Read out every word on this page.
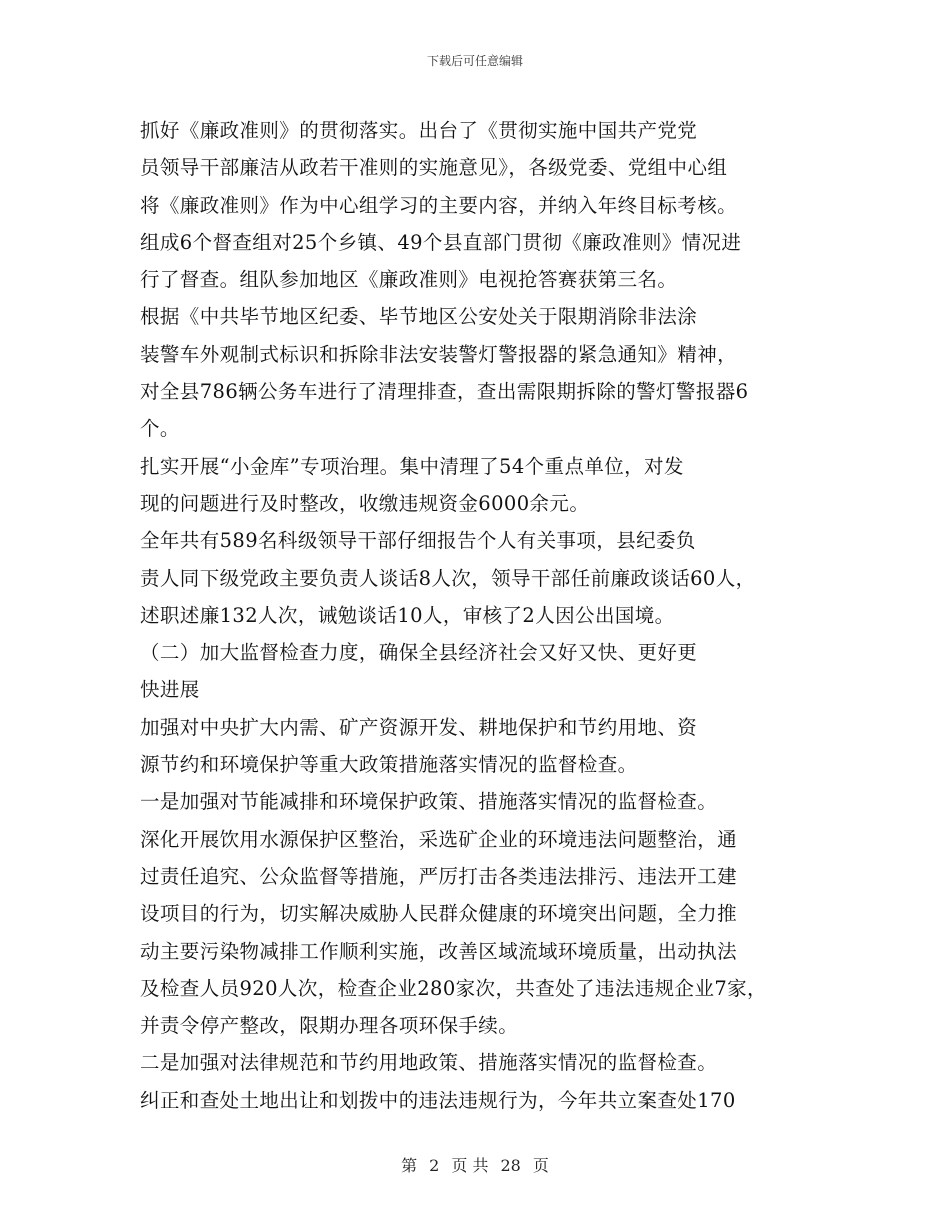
下载后可任意编辑
抓好《廉政准则》的贯彻落实。出台了《贯彻实施中国共产党党
员领导干部廉洁从政若干准则的实施意见》，各级党委、党组中心组
将《廉政准则》作为中心组学习的主要内容，并纳入年终目标考核。
组成6个督查组对25个乡镇、49个县直部门贯彻《廉政准则》情况进
行了督查。组队参加地区《廉政准则》电视抢答赛获第三名。
根据《中共毕节地区纪委、毕节地区公安处关于限期消除非法涂
装警车外观制式标识和拆除非法安装警灯警报器的紧急通知》精神，
对全县786辆公务车进行了清理排查，查出需限期拆除的警灯警报器6
个。
扎实开展“小金库”专项治理。集中清理了54个重点单位，对发
现的问题进行及时整改，收缴违规资金6000余元。
全年共有589名科级领导干部仔细报告个人有关事项，县纪委负
责人同下级党政主要负责人谈话8人次，领导干部任前廉政谈话60人，
述职述廉132人次，诫勉谈话10人，审核了2人因公出国境。
（二）加大监督检查力度，确保全县经济社会又好又快、更好更
快进展
加强对中央扩大内需、矿产资源开发、耕地保护和节约用地、资
源节约和环境保护等重大政策措施落实情况的监督检查。
一是加强对节能减排和环境保护政策、措施落实情况的监督检查。
深化开展饮用水源保护区整治，采选矿企业的环境违法问题整治，通
过责任追究、公众监督等措施，严厉打击各类违法排污、违法开工建
设项目的行为，切实解决威胁人民群众健康的环境突出问题，全力推
动主要污染物减排工作顺利实施，改善区域流域环境质量，出动执法
及检查人员920人次，检查企业280家次，共查处了违法违规企业7家，
并责令停产整改，限期办理各项环保手续。
二是加强对法律规范和节约用地政策、措施落实情况的监督检查。
纠正和查处土地出让和划拨中的违法违规行为，今年共立案查处170
第 2 页 共 28 页
